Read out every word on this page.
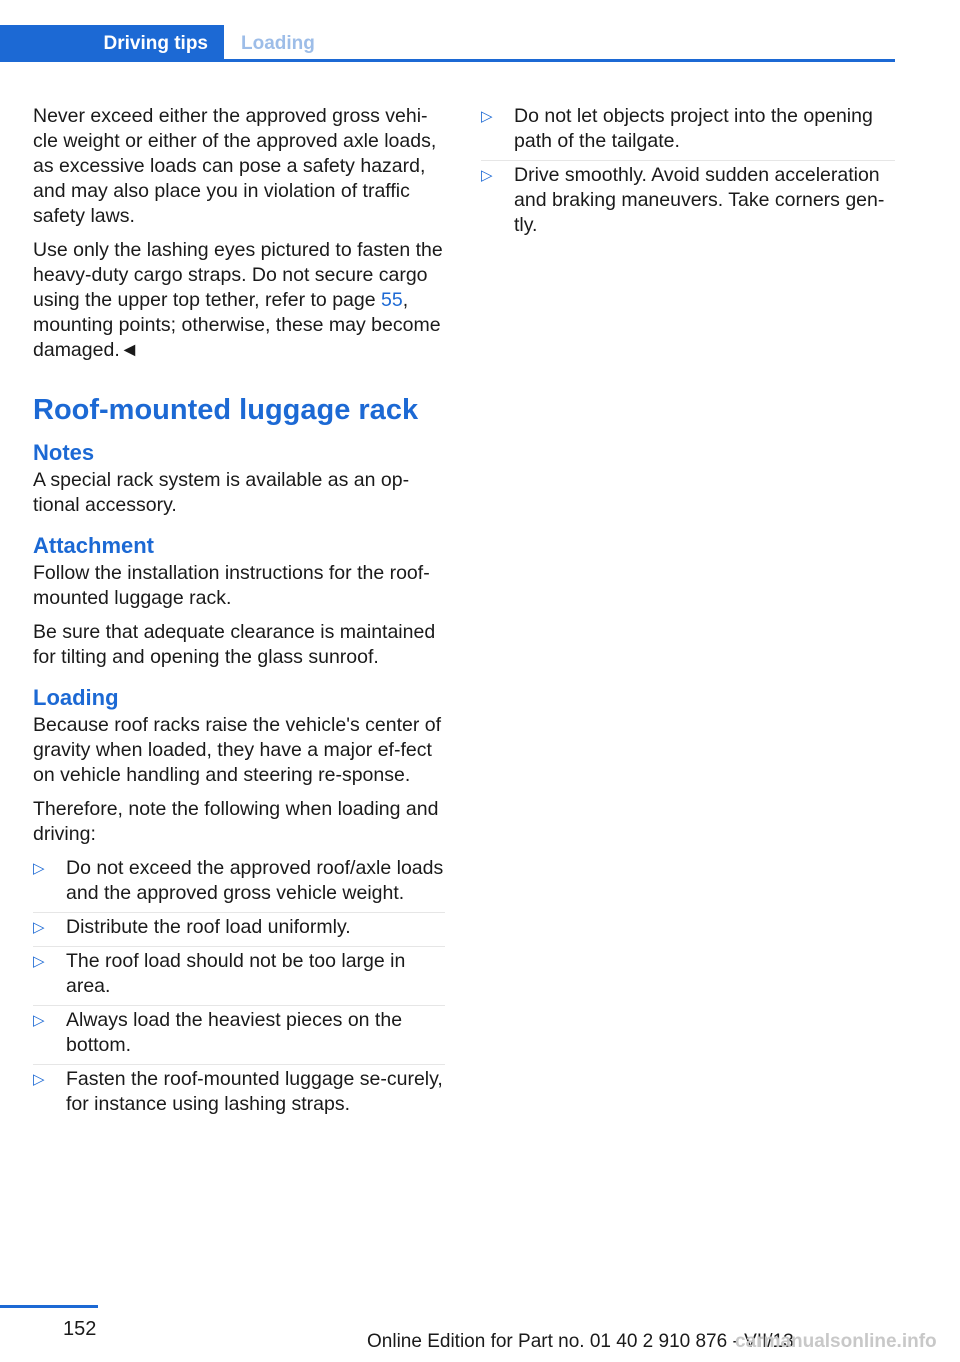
Driving tips	Loading

Never exceed either the approved gross vehi-cle weight or either of the approved axle loads, as excessive loads can pose a safety hazard, and may also place you in violation of traffic safety laws.

Use only the lashing eyes pictured to fasten the heavy-duty cargo straps. Do not secure cargo using the upper top tether, refer to page 55, mounting points; otherwise, these may become damaged.◄

Roof-mounted luggage rack
Notes

A special rack system is available as an op-tional accessory.

Attachment

Follow the installation instructions for the roof-mounted luggage rack.

Be sure that adequate clearance is maintained for tilting and opening the glass sunroof.

Loading

Because roof racks raise the vehicle's center of gravity when loaded, they have a major ef-fect on vehicle handling and steering re-sponse.

Therefore, note the following when loading and driving:

▷ Do not exceed the approved roof/axle loads and the approved gross vehicle weight.
▷ Distribute the roof load uniformly.
▷ The roof load should not be too large in area.
▷ Always load the heaviest pieces on the bottom.
▷ Fasten the roof-mounted luggage se-curely, for instance using lashing straps.
▷ Do not let objects project into the opening path of the tailgate.
▷ Drive smoothly. Avoid sudden acceleration and braking maneuvers. Take corners gen-tly.
152
Online Edition for Part no. 01 40 2 910 876 - VII/13
carmanualsonline.info
